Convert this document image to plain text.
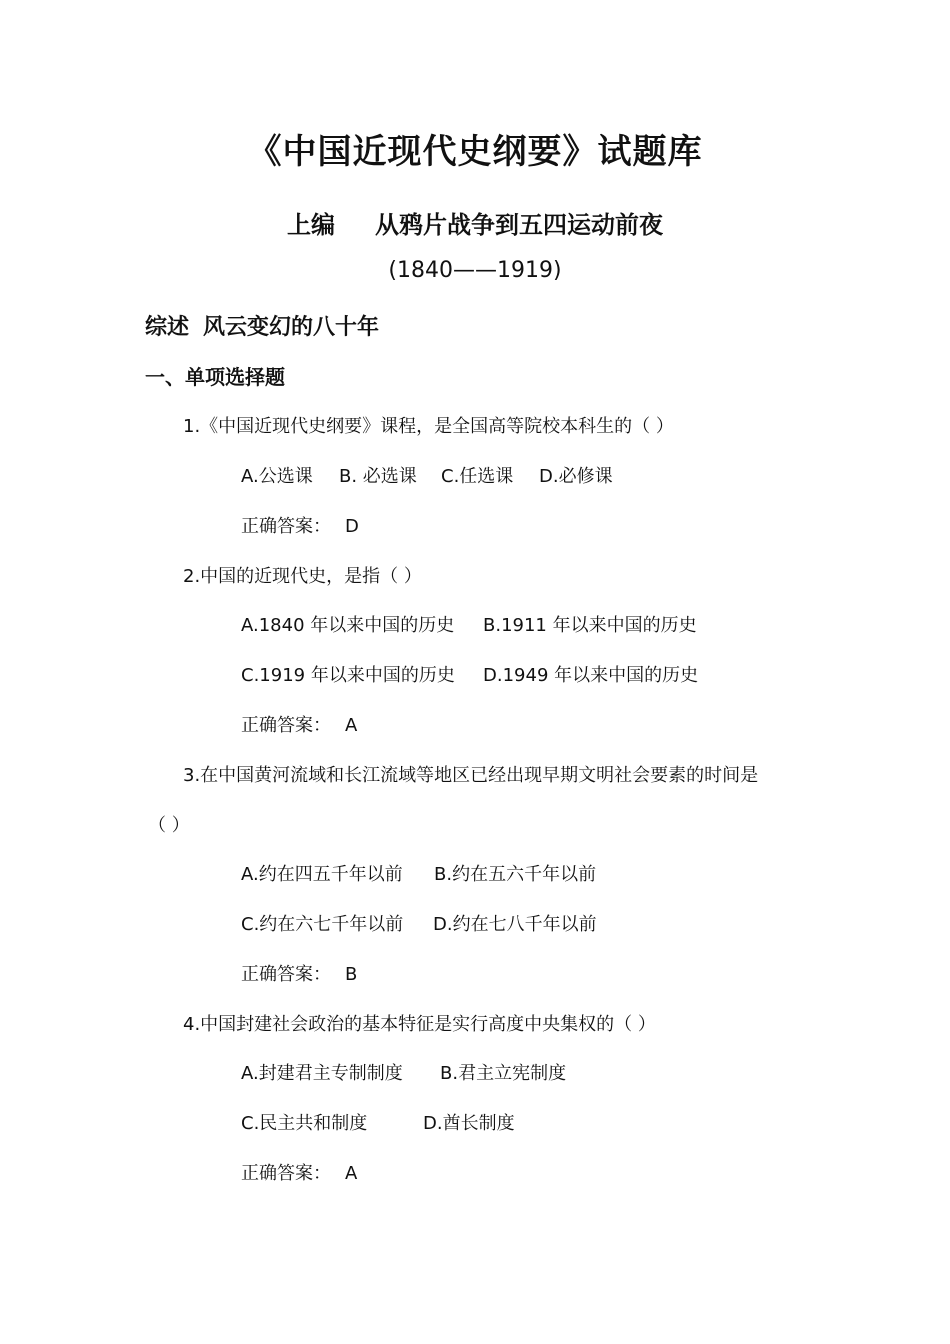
《中国近现代史纲要》试题库
上编 从鸦片战争到五四运动前夜
(1840——1919)
综述 风云变幻的八十年
一、单项选择题
1.《中国近现代史纲要》课程，是全国高等院校本科生的（ ）
A.公选课 B. 必选课 C.任选课 D.必修课
正确答案： D
2.中国的近现代史，是指（ ）
A.1840 年以来中国的历史 B.1911 年以来中国的历史
C.1919 年以来中国的历史 D.1949 年以来中国的历史
正确答案： A
3.在中国黄河流域和长江流域等地区已经出现早期文明社会要素的时间是
（ ）
A.约在四五千年以前 B.约在五六千年以前
C.约在六七千年以前 D.约在七八千年以前
正确答案： B
4.中国封建社会政治的基本特征是实行高度中央集权的（ ）
A.封建君主专制制度 B.君主立宪制度
C.民主共和制度	D.酋长制度
正确答案： A
